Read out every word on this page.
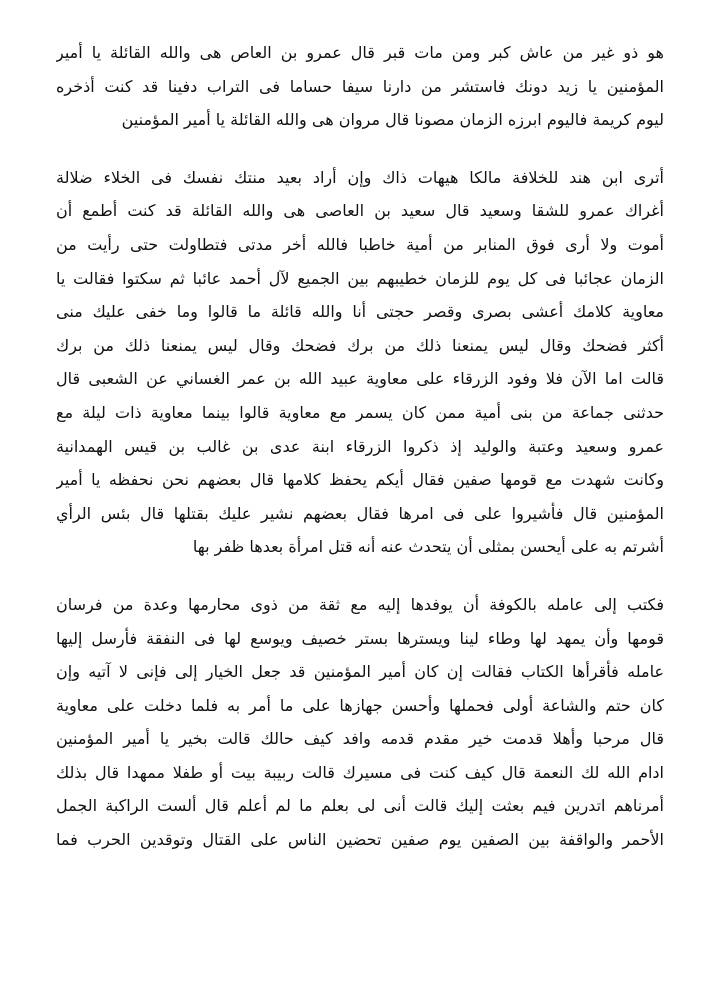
هو ذو غير من عاش كبر ومن مات قبر قال عمرو بن العاص هى والله القائلة يا أمير
المؤمنين يا زيد دونك فاستشر من دارنا سيفا حساما فى التراب دفينا قد كنت أذخره
ليوم كريمة فاليوم ابرزه الزمان مصونا قال مروان هى والله القائلة يا أمير المؤمنين
أترى ابن هند للخلافة مالكا هيهات ذاك وإن أراد بعيد منتك نفسك فى الخلاء ضلالة
أغراك عمرو للشقا وسعيد قال سعيد بن العاصى هى والله القائلة قد كنت أطمع أن
أموت ولا أرى فوق المنابر من أمية خاطبا فالله أخر مدتى فتطاولت حتى رأيت من
الزمان عجائبا فى كل يوم للزمان خطيبهم بين الجميع لآل أحمد عائبا ثم سكتوا فقالت يا
معاوية كلامك أعشى بصرى وقصر حجتى أنا والله قائلة ما قالوا وما خفى عليك منى
أكثر فضحك وقال ليس يمنعنا ذلك من برك فضحك وقال ليس يمنعنا ذلك من برك
قالت اما الآن فلا وفود الزرقاء على معاوية عبيد الله بن عمر الغساني عن الشعبى قال
حدثنى جماعة من بنى أمية ممن كان يسمر مع معاوية قالوا بينما معاوية ذات ليلة مع
عمرو وسعيد وعتبة والوليد إذ ذكروا الزرقاء ابنة عدى بن غالب بن قيس الهمدانية
وكانت شهدت مع قومها صفين فقال أيكم يحفظ كلامها قال بعضهم نحن نحفظه يا أمير
المؤمنين قال فأشيروا على فى امرها فقال بعضهم نشير عليك بقتلها قال بئس الرأي
أشرتم به على أيحسن بمثلى أن يتحدث عنه أنه قتل امرأة بعدها ظفر بها
فكتب إلى عامله بالكوفة أن يوفدها إليه مع ثقة من ذوى محارمها وعدة من فرسان
قومها وأن يمهد لها وطاء لينا ويسترها بستر خصيف ويوسع لها فى النفقة فأرسل إليها
عامله فأقرأها الكتاب فقالت إن كان أمير المؤمنين قد جعل الخيار إلى فإنى لا آتيه وإن
كان حتم والشاعة أولى فحملها وأحسن جهازها على ما أمر به فلما دخلت على معاوية
قال مرحبا وأهلا قدمت خير مقدم قدمه وافد كيف حالك قالت بخير يا أمير المؤمنين
ادام الله لك النعمة قال كيف كنت فى مسيرك قالت ربيبة بيت أو طفلا ممهدا قال بذلك
أمرناهم اتدرين فيم بعثت إليك قالت أنى لى بعلم ما لم أعلم قال ألست الراكبة الجمل
الأحمر والواقفة بين الصفين يوم صفين تحضين الناس على القتال وتوقدين الحرب فما
